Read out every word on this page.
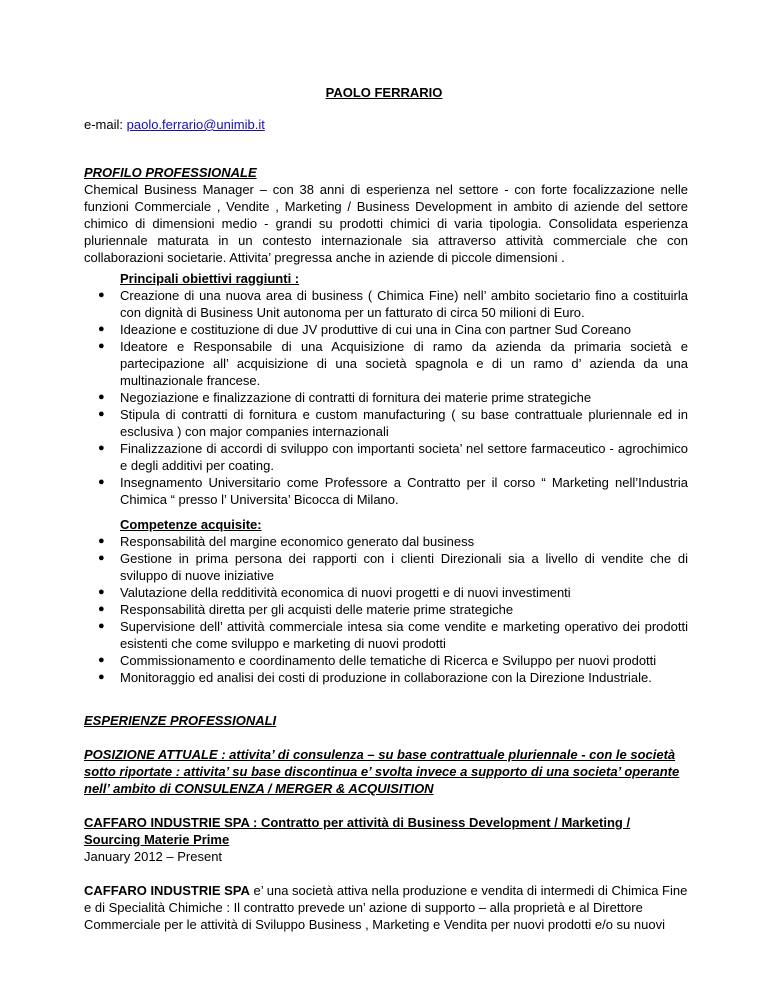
PAOLO FERRARIO
e-mail: paolo.ferrario@unimib.it
PROFILO PROFESSIONALE
Chemical Business Manager – con 38 anni di esperienza nel settore - con forte focalizzazione nelle funzioni Commerciale , Vendite , Marketing / Business Development in ambito di aziende del settore chimico di dimensioni medio - grandi su prodotti chimici di varia tipologia. Consolidata esperienza pluriennale maturata in un contesto internazionale sia attraverso attività commerciale che con collaborazioni societarie. Attivita’ pregressa anche in aziende di piccole dimensioni .
Principali obiettivi raggiunti :
● Creazione di una nuova area di business ( Chimica Fine) nell’ ambito societario fino a costituirla con dignità di Business Unit autonoma per un fatturato di circa 50 milioni di Euro.
● Ideazione e costituzione di due JV produttive di cui una in Cina con partner Sud Coreano
● Ideatore e Responsabile di una Acquisizione di ramo da azienda da primaria società e partecipazione all’ acquisizione di una società spagnola e di un ramo d’ azienda da una multinazionale francese.
● Negoziazione e finalizzazione di contratti di fornitura dei materie prime strategiche
● Stipula di contratti di fornitura e custom manufacturing ( su base contrattuale pluriennale ed in esclusiva ) con major companies internazionali
● Finalizzazione di accordi di sviluppo con importanti societa’ nel settore farmaceutico - agrochimico e degli additivi per coating.
● Insegnamento Universitario come Professore a Contratto per il corso “ Marketing nell’Industria Chimica “ presso l’ Universita’ Bicocca di Milano.
Competenze acquisite:
● Responsabilità del margine economico generato dal business
● Gestione in prima persona dei rapporti con i clienti Direzionali sia a livello di vendite che di sviluppo di nuove iniziative
● Valutazione della redditività economica di nuovi progetti e di nuovi investimenti
● Responsabilità diretta per gli acquisti delle materie prime strategiche
● Supervisione dell’ attività commerciale intesa sia come vendite e marketing operativo dei prodotti esistenti che come sviluppo e marketing di nuovi prodotti
● Commissionamento e coordinamento delle tematiche di Ricerca e Sviluppo per nuovi prodotti
● Monitoraggio ed analisi dei costi di produzione in collaborazione con la Direzione Industriale.
ESPERIENZE PROFESSIONALI
POSIZIONE ATTUALE : attivita’ di consulenza – su base contrattuale pluriennale - con le società sotto riportate : attivita’ su base discontinua e’ svolta invece a supporto di una societa’ operante nell’ ambito di CONSULENZA / MERGER & ACQUISITION
CAFFARO INDUSTRIE SPA : Contratto per attività di Business Development / Marketing / Sourcing Materie Prime
January 2012 – Present
CAFFARO INDUSTRIE SPA e’ una società attiva nella produzione e vendita di intermedi di Chimica Fine e di Specialità Chimiche : Il contratto prevede un’ azione di supporto – alla proprietà e al Direttore Commerciale per le attività di Sviluppo Business , Marketing e Vendita per nuovi prodotti e/o su nuovi
